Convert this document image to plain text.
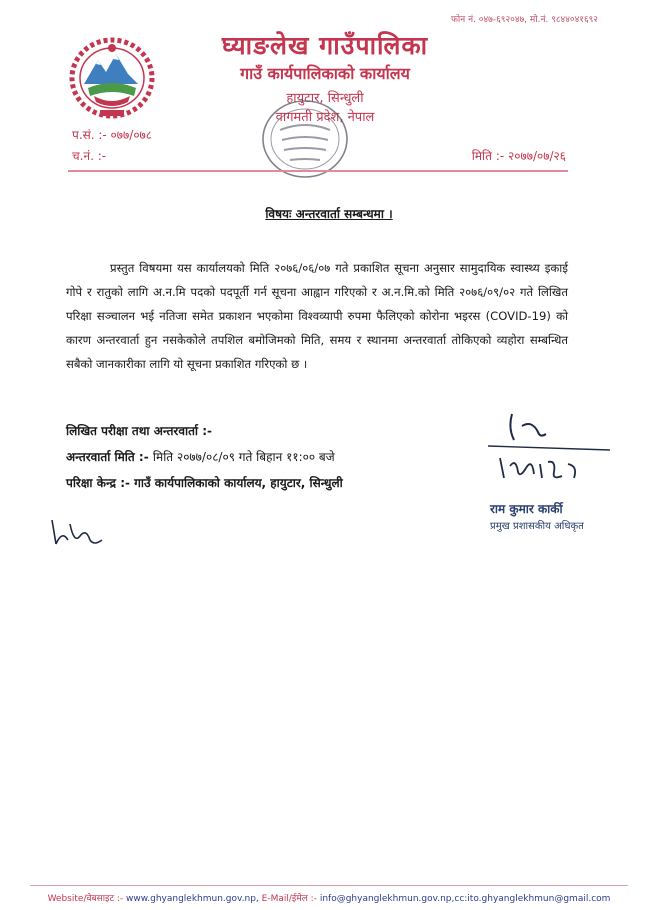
फोन नं. ०४७-६९२०४७, मो.नं. ९८४४०४१६९२
घ्याङलेख गाउँपालिका
गाउँ कार्यपालिकाको कार्यालय
हायुटार, सिन्धुली
वागमती प्रदेश, नेपाल
प.सं. :- ०७७/०७८
च.नं. :-	मिति :- २०७७/०७/२६
विषयः अन्तरवार्ता सम्बन्धमा ।
प्रस्तुत विषयमा यस कार्यालयको मिति २०७६/०६/०७ गते प्रकाशित सूचना अनुसार सामुदायिक स्वास्थ्य इकाई गोपे र रातुको लागि अ.न.मि पदको पदपूर्ती गर्न सूचना आह्वान गरिएको र अ.न.मि.को मिति २०७६/०९/०२ गते लिखित परिक्षा सञ्चालन भई नतिजा समेत प्रकाशन भएकोमा विश्वव्यापी रुपमा फैलिएको कोरोना भइरस (COVID-19) को कारण अन्तरवार्ता हुन नसकेकोले तपशिल बमोजिमको मिति, समय र स्थानमा अन्तरवार्ता तोकिएको व्यहोरा सम्बन्धित सबैको जानकारीका लागि यो सूचना प्रकाशित गरिएको छ ।
लिखित परीक्षा तथा अन्तरवार्ता :-
अन्तरवार्ता मिति :- मिति २०७७/०८/०९ गते बिहान ११:०० बजे
परिक्षा केन्द्र :- गाउँ कार्यपालिकाको कार्यालय, हायुटार, सिन्धुली
राम कुमार कार्की
प्रमुख प्रशासकीय अधिकृत
Website/वेबसाइट :- www.ghyanglekhmun.gov.np, E-Mail/ईमेल :- info@ghyanglekhmun.gov.np,cc:ito.ghyanglekhmun@gmail.com
